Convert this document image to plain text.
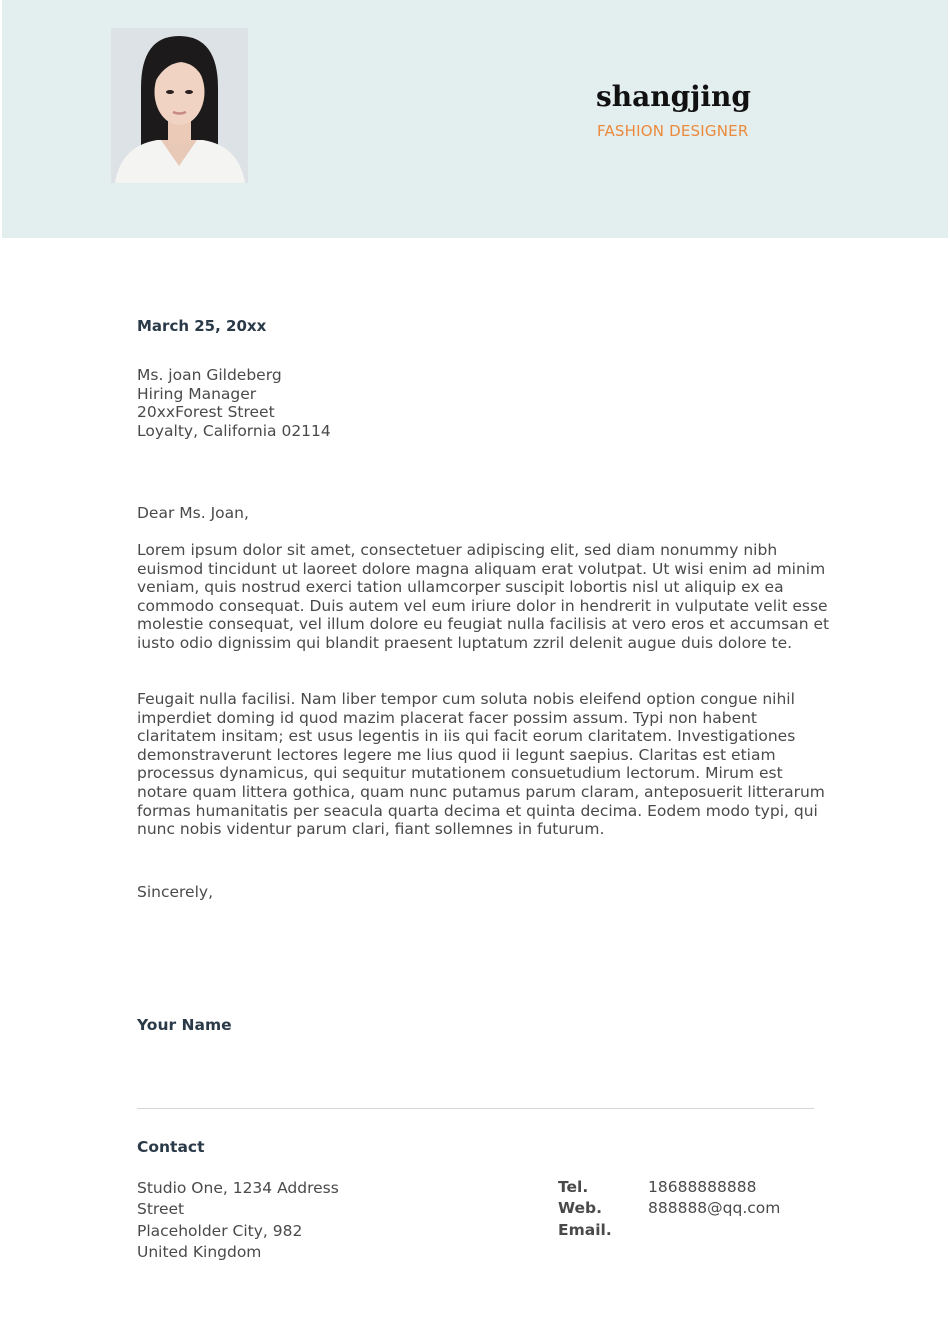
shangjing
FASHION DESIGNER
March 25, 20xx
Ms. joan Gildeberg
Hiring Manager
20xxForest Street
Loyalty, California 02114
Dear Ms. Joan,

Lorem ipsum dolor sit amet, consectetuer adipiscing elit, sed diam nonummy nibh euismod tincidunt ut laoreet dolore magna aliquam erat volutpat. Ut wisi enim ad minim veniam, quis nostrud exerci tation ullamcorper suscipit lobortis nisl ut aliquip ex ea commodo consequat. Duis autem vel eum iriure dolor in hendrerit in vulputate velit esse molestie consequat, vel illum dolore eu feugiat nulla facilisis at vero eros et accumsan et iusto odio dignissim qui blandit praesent luptatum zzril delenit augue duis dolore te.

Feugait nulla facilisi. Nam liber tempor cum soluta nobis eleifend option congue nihil imperdiet doming id quod mazim placerat facer possim assum. Typi non habent claritatem insitam; est usus legentis in iis qui facit eorum claritatem. Investigationes demonstraverunt lectores legere me lius quod ii legunt saepius. Claritas est etiam processus dynamicus, qui sequitur mutationem consuetudium lectorum. Mirum est notare quam littera gothica, quam nunc putamus parum claram, anteposuerit litterarum formas humanitatis per seacula quarta decima et quinta decima. Eodem modo typi, qui nunc nobis videntur parum clari, fiant sollemnes in futurum.

Sincerely,
Your Name
Contact
Studio One, 1234 Address
Street
Placeholder City, 982
United Kingdom
Tel.	18688888888
Web.	888888@qq.com
Email.
